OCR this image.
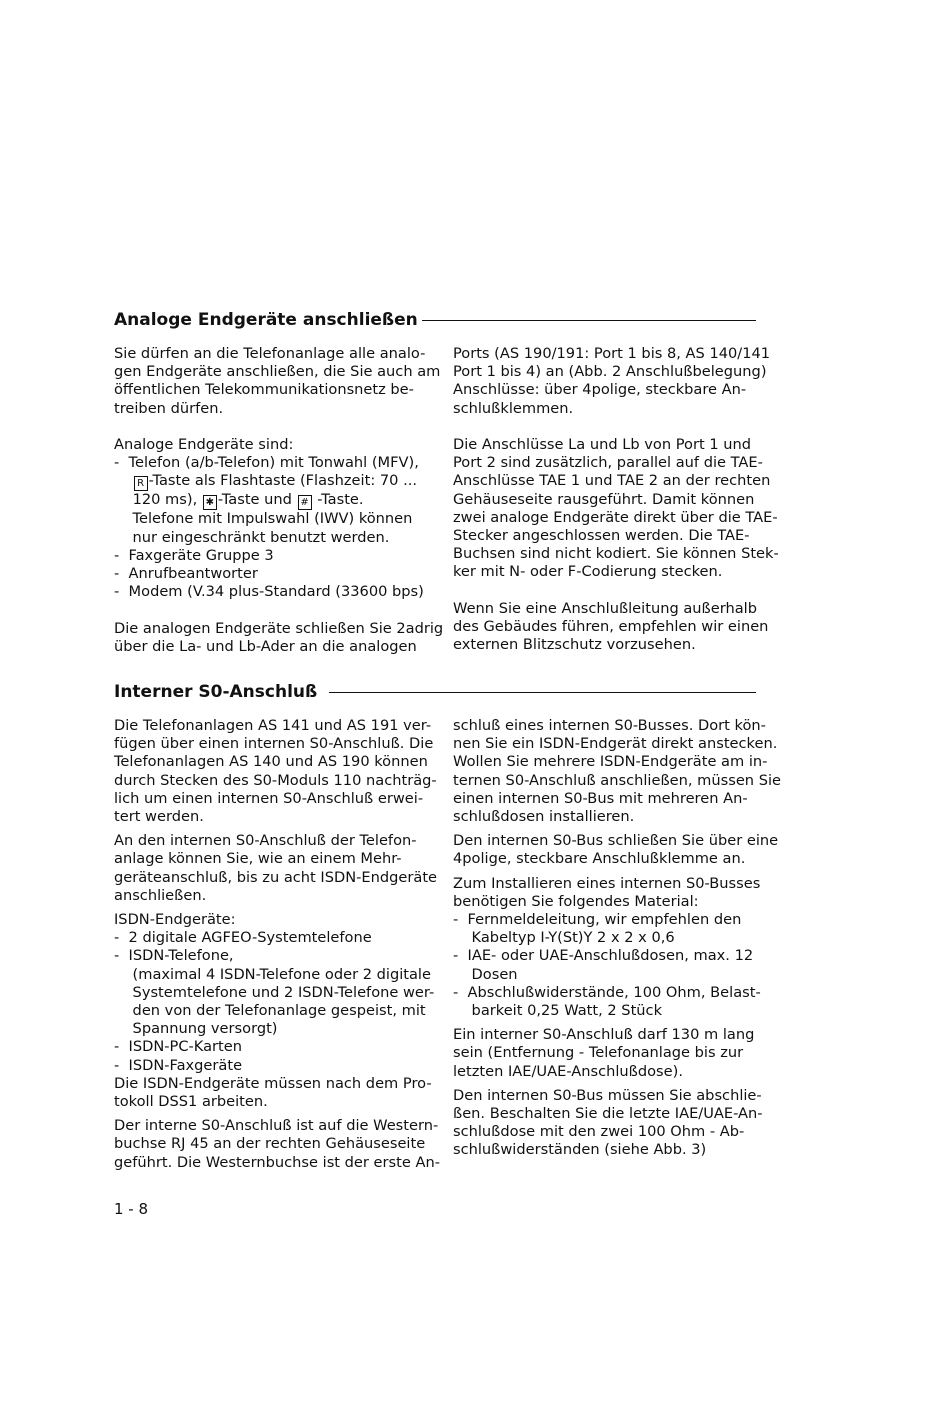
Analoge Endgeräte anschließen

Sie dürfen an die Telefonanlage alle analo-
gen Endgeräte anschließen, die Sie auch am
öffentlichen Telekommunikationsnetz be-
treiben dürfen.

Analoge Endgeräte sind:

-  Telefon (a/b-Telefon) mit Tonwahl (MFV),

R -Taste als Flashtaste (Flashzeit: 70 ...

120 ms), ✱ -Taste und # -Taste.

Telefone mit Impulswahl (IWV) können
nur eingeschränkt benutzt werden.

-  Faxgeräte Gruppe 3
-  Anrufbeantworter
-  Modem (V.34 plus-Standard (33600 bps)

Die analogen Endgeräte schließen Sie 2adrig
über die La- und Lb-Ader an die analogen

Ports (AS 190/191: Port 1 bis 8, AS 140/141
Port 1 bis 4) an (Abb. 2 Anschlußbelegung)
Anschlüsse: über 4polige, steckbare An-
schlußklemmen.

Die Anschlüsse La und Lb von Port 1 und
Port 2 sind zusätzlich, parallel auf die TAE-
Anschlüsse TAE 1 und TAE 2 an der rechten
Gehäuseseite rausgeführt. Damit können
zwei analoge Endgeräte direkt über die TAE-
Stecker angeschlossen werden. Die TAE-
Buchsen sind nicht kodiert. Sie können Stek-
ker mit N- oder F-Codierung stecken.

Wenn Sie eine Anschlußleitung außerhalb
des Gebäudes führen, empfehlen wir einen
externen Blitzschutz vorzusehen.

Interner S0-Anschluß

Die Telefonanlagen AS 141 und AS 191 ver-
fügen über einen internen S0-Anschluß. Die
Telefonanlagen AS 140 und AS 190 können
durch Stecken des S0-Moduls 110 nachträg-
lich um einen internen S0-Anschluß erwei-
tert werden.

An den internen S0-Anschluß der Telefon-
anlage können Sie, wie an einem Mehr-
geräteanschluß, bis zu acht ISDN-Endgeräte
anschließen.

ISDN-Endgeräte:
-  2 digitale AGFEO-Systemtelefone
-  ISDN-Telefone,
(maximal 4 ISDN-Telefone oder 2 digitale
Systemtelefone und 2 ISDN-Telefone wer-
den von der Telefonanlage gespeist, mit
Spannung versorgt)
-  ISDN-PC-Karten
-  ISDN-Faxgeräte
Die ISDN-Endgeräte müssen nach dem Pro-
tokoll DSS1 arbeiten.

Der interne S0-Anschluß ist auf die Western-
buchse RJ 45 an der rechten Gehäuseseite
geführt. Die Westernbuchse ist der erste An-

schluß eines internen S0-Busses. Dort kön-
nen Sie ein ISDN-Endgerät direkt anstecken.
Wollen Sie mehrere ISDN-Endgeräte am in-
ternen S0-Anschluß anschließen, müssen Sie
einen internen S0-Bus mit mehreren An-
schlußdosen installieren.

Den internen S0-Bus schließen Sie über eine
4polige, steckbare Anschlußklemme an.

Zum Installieren eines internen S0-Busses
benötigen Sie folgendes Material:
-  Fernmeldeleitung, wir empfehlen den
Kabeltyp I-Y(St)Y 2 x 2 x 0,6
-  IAE- oder UAE-Anschlußdosen, max. 12
Dosen
-  Abschlußwiderstände, 100 Ohm, Belast-
barkeit 0,25 Watt, 2 Stück

Ein interner S0-Anschluß darf 130 m lang
sein (Entfernung - Telefonanlage bis zur
letzten IAE/UAE-Anschlußdose).

Den internen S0-Bus müssen Sie abschlie-
ßen. Beschalten Sie die letzte IAE/UAE-An-
schlußdose mit den zwei 100 Ohm - Ab-
schlußwiderständen (siehe Abb. 3)

1 - 8
